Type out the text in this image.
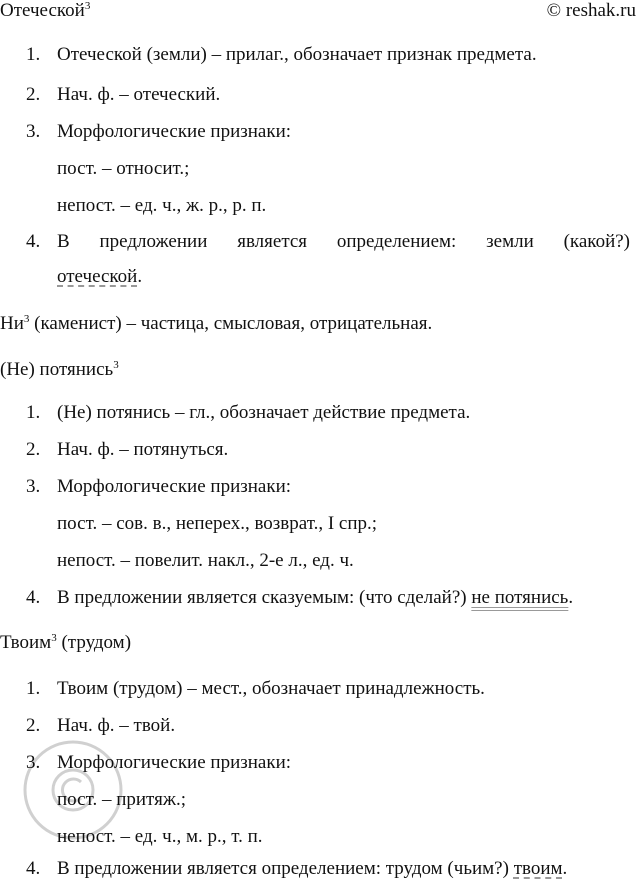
Отеческой$^3$	© reshak.ru
1. Отеческой (земли) – прилаг., обозначает признак предмета.
2. Нач. ф. – отеческий.
3. Морфологические признаки:
пост. – относит.;
непост. – ед. ч., ж. р., р. п.
4. В предложении является определением: земли (какой?)
отеческой.
$Ни^3$ (каменист) – частица, смысловая, отрицательная.
(Не) потянись$^3$
1. (Не) потянись – гл., обозначает действие предмета.
2. Нач. ф. – потянуться.
3. Морфологические признаки:
пост. – сов. в., неперех., возврат., I спр.;
непост. – повелит. накл., 2-е л., ед. ч.
4. В предложении является сказуемым: (что сделай?) не потянись.
Твоим$^3$ (трудом)
1. Твоим (трудом) – мест., обозначает принадлежность.
2. Нач. ф. – твой.
3. Морфологические признаки:
пост. – притяж.;
непост. – ед. ч., м. р., т. п.
4. В предложении является определением: трудом (чьим?) твоим.
